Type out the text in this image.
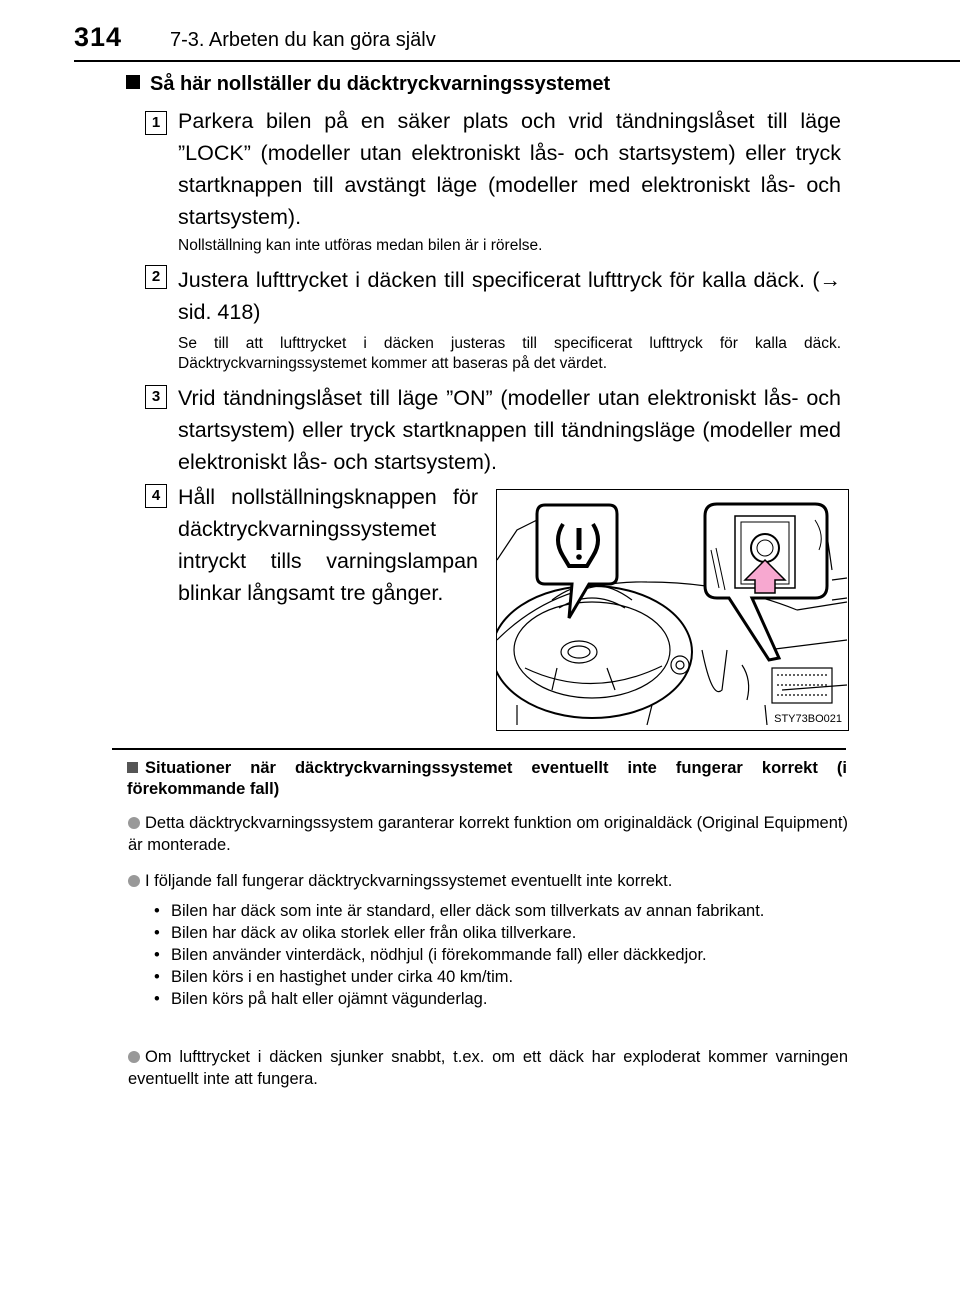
314 7-3. Arbeten du kan göra själv
Så här nollställer du däcktryckvarningssystemet
1 Parkera bilen på en säker plats och vrid tändningslåset till läge ”LOCK” (modeller utan elektroniskt lås- och startsystem) eller tryck startknappen till avstängt läge (modeller med elektroniskt lås- och startsystem).
Nollställning kan inte utföras medan bilen är i rörelse.
2 Justera lufttrycket i däcken till specificerat lufttryck för kalla däck. (→ sid. 418)
Se till att lufttrycket i däcken justeras till specificerat lufttryck för kalla däck. Däcktryckvarningssystemet kommer att baseras på det värdet.
3 Vrid tändningslåset till läge ”ON” (modeller utan elektroniskt lås- och startsystem) eller tryck startknappen till tändningsläge (modeller med elektroniskt lås- och startsystem).
4 Håll nollställningsknappen för däcktryckvarningssystemet intryckt tills varningslampan blinkar långsamt tre gånger.
STY73BO021
Situationer när däcktryckvarningssystemet eventuellt inte fungerar korrekt (i förekommande fall)
Detta däcktryckvarningssystem garanterar korrekt funktion om originaldäck (Original Equipment) är monterade.
I följande fall fungerar däcktryckvarningssystemet eventuellt inte korrekt.
• Bilen har däck som inte är standard, eller däck som tillverkats av annan fabrikant.
• Bilen har däck av olika storlek eller från olika tillverkare.
• Bilen använder vinterdäck, nödhjul (i förekommande fall) eller däckkedjor.
• Bilen körs i en hastighet under cirka 40 km/tim.
• Bilen körs på halt eller ojämnt vägunderlag.
Om lufttrycket i däcken sjunker snabbt, t.ex. om ett däck har exploderat kommer varningen eventuellt inte att fungera.
